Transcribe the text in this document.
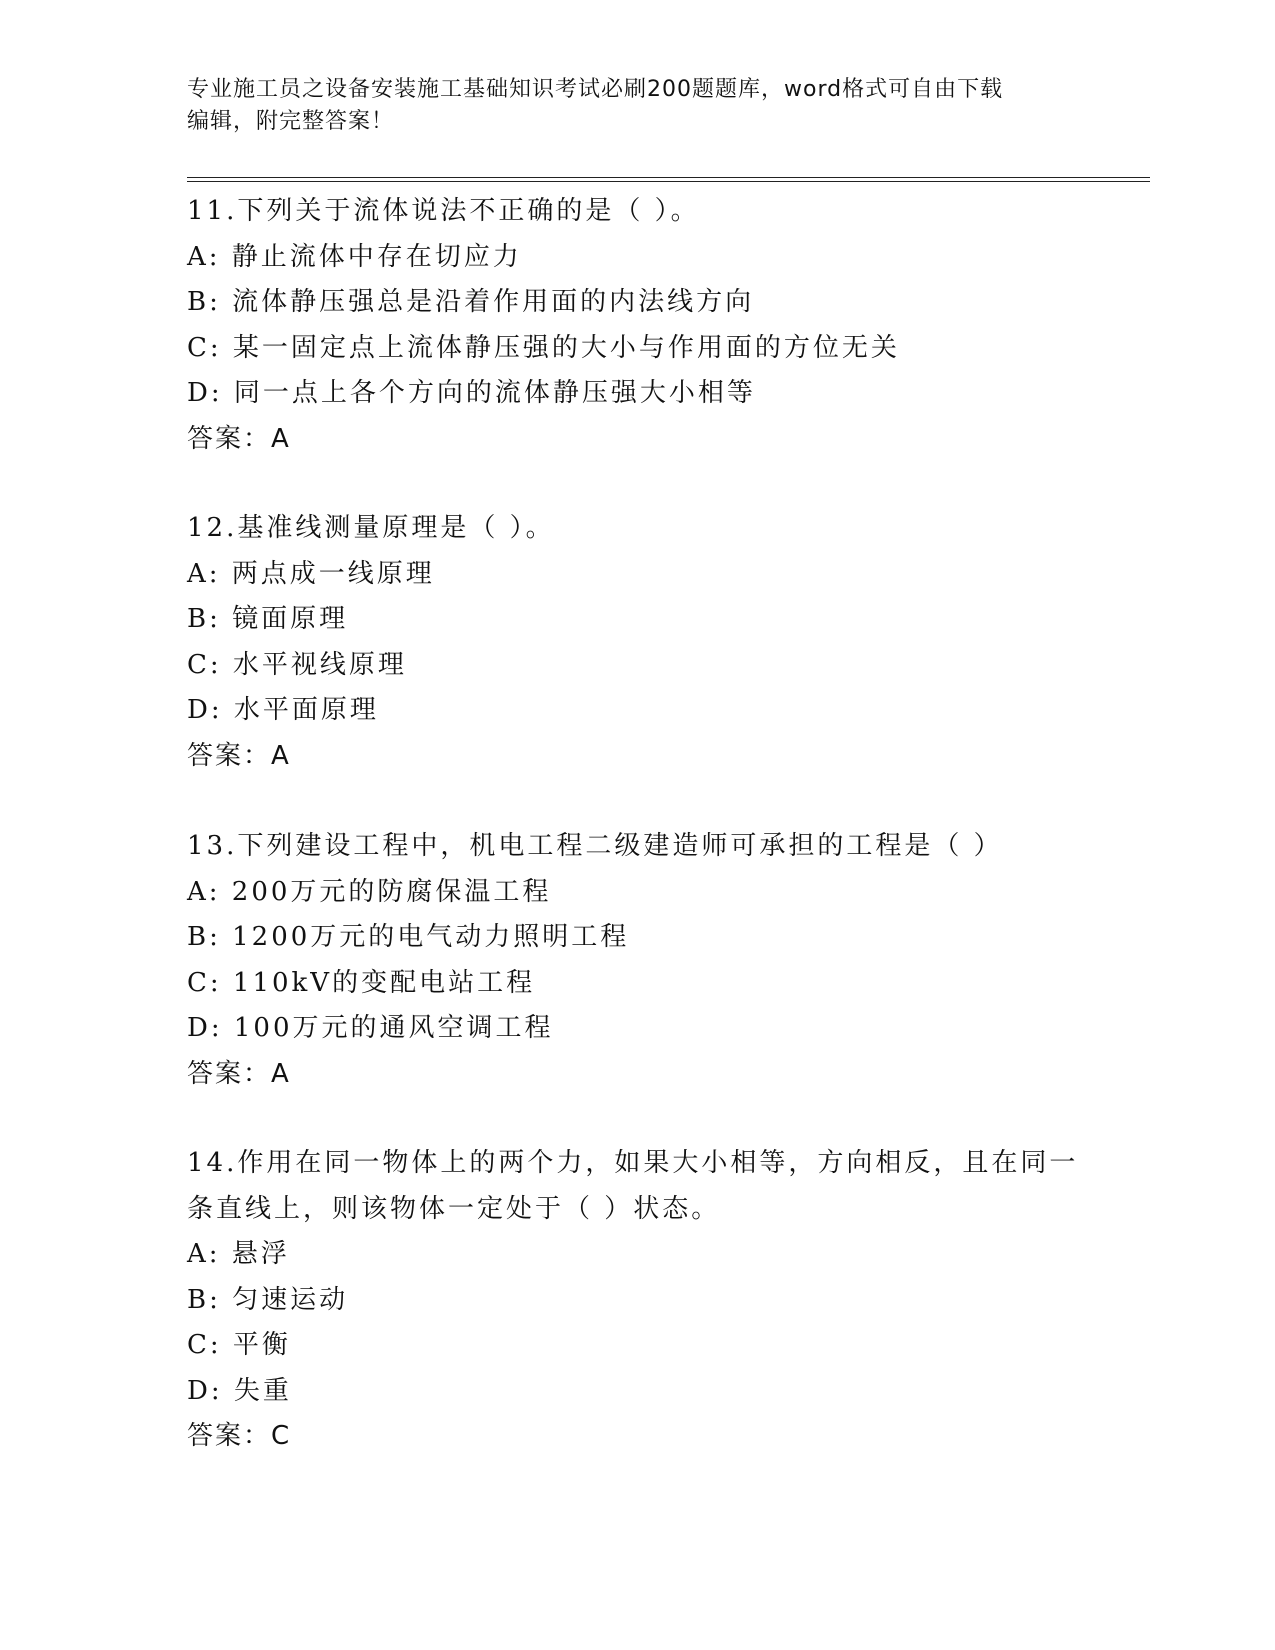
专业施工员之设备安装施工基础知识考试必刷200题题库，word格式可自由下载
编辑，附完整答案！
11.下列关于流体说法不正确的是（ ）。
A: 静止流体中存在切应力
B: 流体静压强总是沿着作用面的内法线方向
C: 某一固定点上流体静压强的大小与作用面的方位无关
D: 同一点上各个方向的流体静压强大小相等
答案：A
12.基准线测量原理是（ ）。
A: 两点成一线原理
B: 镜面原理
C: 水平视线原理
D: 水平面原理
答案：A
13.下列建设工程中，机电工程二级建造师可承担的工程是（ ）
A: 200万元的防腐保温工程
B: 1200万元的电气动力照明工程
C: 110kV的变配电站工程
D: 100万元的通风空调工程
答案：A
14.作用在同一物体上的两个力，如果大小相等，方向相反，且在同一
条直线上，则该物体一定处于（ ）状态。
A: 悬浮
B: 匀速运动
C: 平衡
D: 失重
答案：C
